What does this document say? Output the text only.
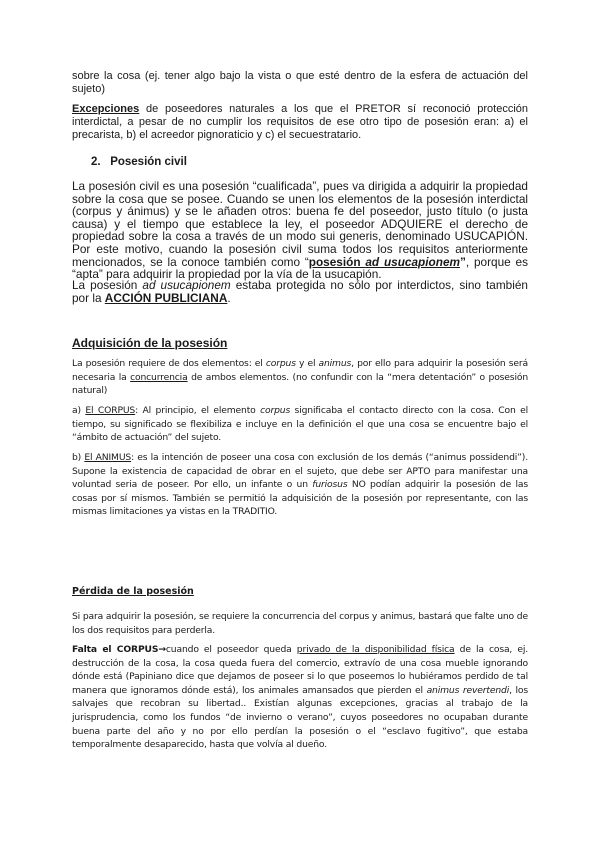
sobre la cosa (ej. tener algo bajo la vista o que esté dentro de la esfera de actuación del sujeto)

Excepciones de poseedores naturales a los que el PRETOR sí reconoció protección interdictal, a pesar de no cumplir los requisitos de ese otro tipo de posesión eran: a) el precarista, b) el acreedor pignoraticio y c) el secuestratario.

2. Posesión civil

La posesión civil es una posesión “cualificada”, pues va dirigida a adquirir la propiedad sobre la cosa que se posee. Cuando se unen los elementos de la posesión interdictal (corpus y ánimus) y se le añaden otros: buena fe del poseedor, justo título (o justa causa) y el tiempo que establece la ley, el poseedor ADQUIERE el derecho de propiedad sobre la cosa a través de un modo sui generis, denominado USUCAPIÓN. Por este motivo, cuando la posesión civil suma todos los requisitos anteriormente mencionados, se la conoce también como “posesión ad usucapionem”, porque es “apta” para adquirir la propiedad por la vía de la usucapión.

La posesión ad usucapionem estaba protegida no sólo por interdictos, sino también por la ACCIÓN PUBLICIANA.

Adquisición de la posesión

La posesión requiere de dos elementos: el corpus y el animus, por ello para adquirir la posesión será necesaria la concurrencia de ambos elementos. (no confundir con la “mera detentación” o posesión natural)

a) El CORPUS: Al principio, el elemento corpus significaba el contacto directo con la cosa. Con el tiempo, su significado se flexibiliza e incluye en la definición el que una cosa se encuentre bajo el “ámbito de actuación” del sujeto.

b) El ANIMUS: es la intención de poseer una cosa con exclusión de los demás (“animus possidendi”). Supone la existencia de capacidad de obrar en el sujeto, que debe ser APTO para manifestar una voluntad seria de poseer. Por ello, un infante o un furiosus NO podían adquirir la posesión de las cosas por sí mismos. También se permitió la adquisición de la posesión por representante, con las mismas limitaciones ya vistas en la TRADITIO.

Pérdida de la posesión

Si para adquirir la posesión, se requiere la concurrencia del corpus y animus, bastará que falte uno de los dos requisitos para perderla.

Falta el CORPUS→cuando el poseedor queda privado de la disponibilidad física de la cosa, ej. destrucción de la cosa, la cosa queda fuera del comercio, extravío de una cosa mueble ignorando dónde está (Papiniano dice que dejamos de poseer si lo que poseemos lo hubiéramos perdido de tal manera que ignoramos dónde está), los animales amansados que pierden el animus revertendi, los salvajes que recobran su libertad.. Existían algunas excepciones, gracias al trabajo de la jurisprudencia, como los fundos “de invierno o verano”, cuyos poseedores no ocupaban durante buena parte del año y no por ello perdían la posesión o el “esclavo fugitivo”, que estaba temporalmente desaparecido, hasta que volvía al dueño.
